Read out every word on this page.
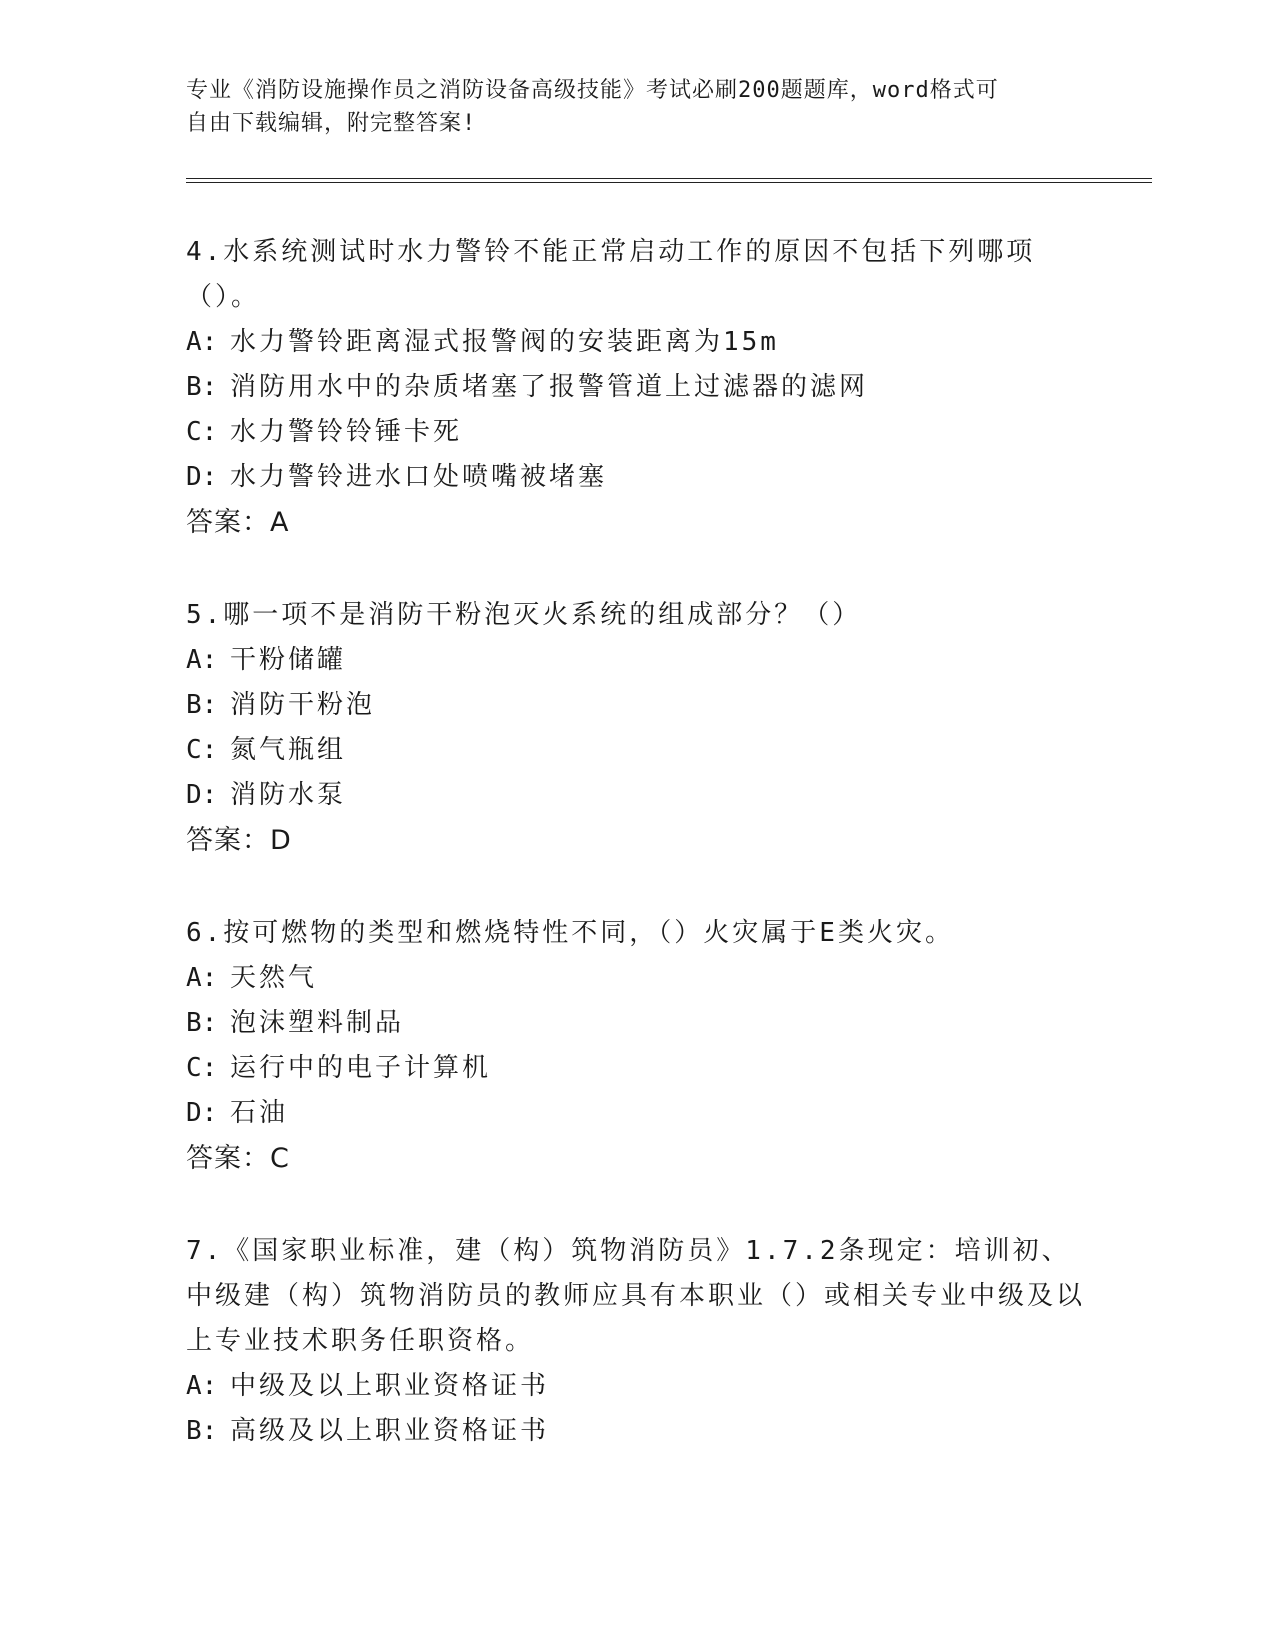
专业《消防设施操作员之消防设备高级技能》考试必刷200题题库，word格式可
自由下载编辑，附完整答案!
4.水系统测试时水力警铃不能正常启动工作的原因不包括下列哪项（）。
A: 水力警铃距离湿式报警阀的安装距离为15m
B: 消防用水中的杂质堵塞了报警管道上过滤器的滤网
C: 水力警铃铃锤卡死
D: 水力警铃进水口处喷嘴被堵塞
答案：A
5.哪一项不是消防干粉泡灭火系统的组成部分？（）
A: 干粉储罐
B: 消防干粉泡
C: 氮气瓶组
D: 消防水泵
答案：D
6.按可燃物的类型和燃烧特性不同，（）火灾属于E类火灾。
A: 天然气
B: 泡沫塑料制品
C: 运行中的电子计算机
D: 石油
答案：C
7.《国家职业标准，建（构）筑物消防员》1.7.2条现定：培训初、中级建（构）筑物消防员的教师应具有本职业（）或相关专业中级及以上专业技术职务任职资格。
A: 中级及以上职业资格证书
B: 高级及以上职业资格证书
